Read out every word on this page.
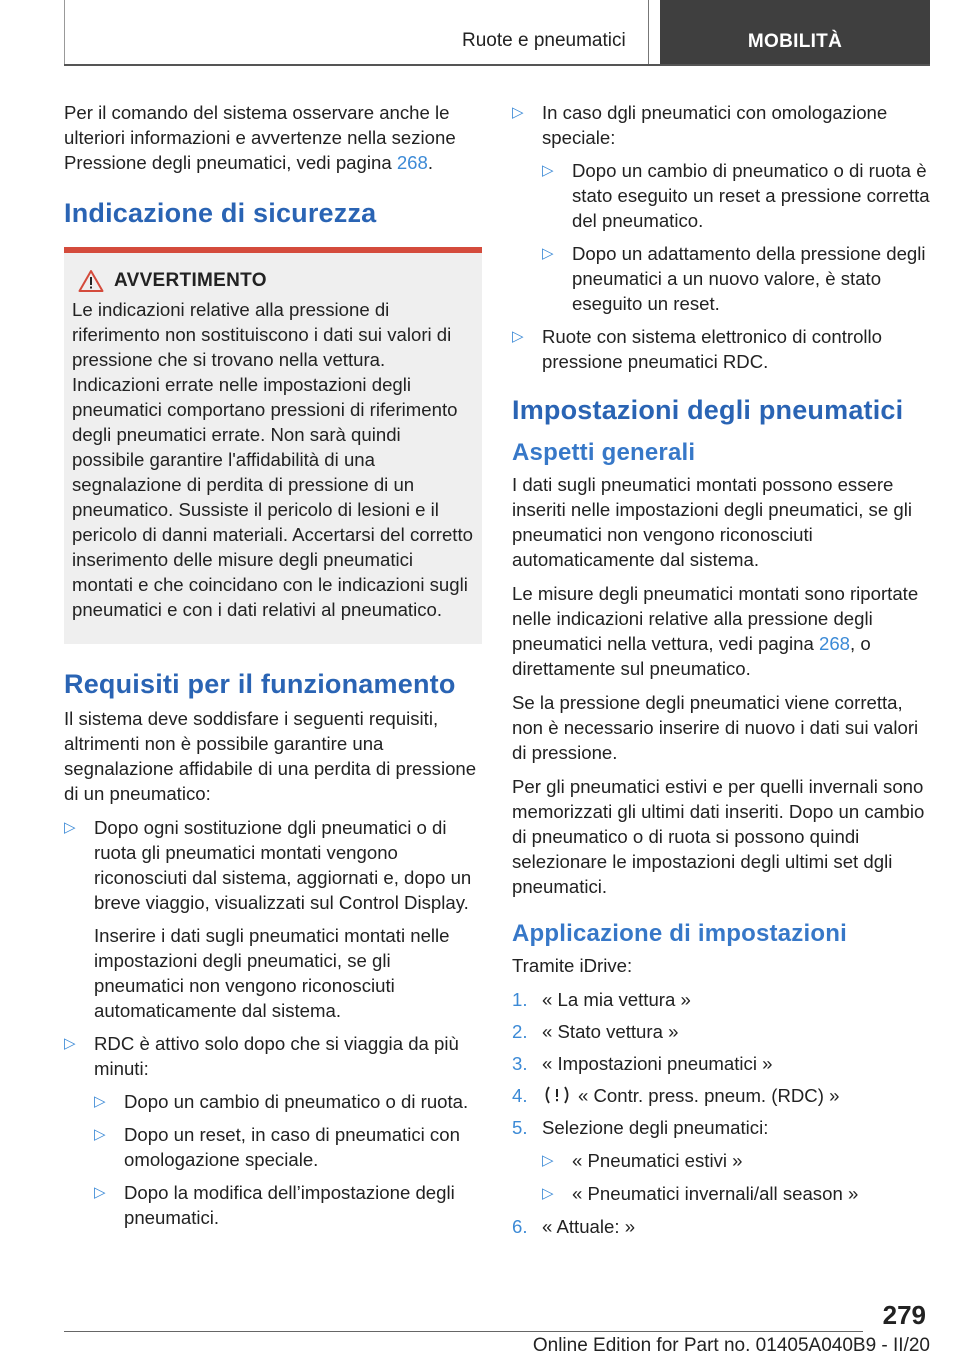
Ruote e pneumatici	MOBILITÀ

Per il comando del sistema osservare anche le ulteriori informazioni e avvertenze nella sezione Pressione degli pneumatici, vedi pagina 268.

Indicazione di sicurezza
AVVERTIMENTO
Le indicazioni relative alla pressione di riferimento non sostituiscono i dati sui valori di pressione che si trovano nella vettura. Indicazioni errate nelle impostazioni degli pneumatici comportano pressioni di riferimento degli pneumatici errate. Non sarà quindi possibile garantire l'affidabilità di una segnalazione di perdita di pressione di un pneumatico. Sussiste il pericolo di lesioni e il pericolo di danni materiali. Accertarsi del corretto inserimento delle misure degli pneumatici montati e che coincidano con le indicazioni sugli pneumatici e con i dati relativi al pneumatico.
Requisiti per il funzionamento

Il sistema deve soddisfare i seguenti requisiti, altrimenti non è possibile garantire una segnalazione affidabile di una perdita di pressione di un pneumatico:

▷ Dopo ogni sostituzione dgli pneumatici o di ruota gli pneumatici montati vengono riconosciuti dal sistema, aggiornati e, dopo un breve viaggio, visualizzati sul Control Display.
Inserire i dati sugli pneumatici montati nelle impostazioni degli pneumatici, se gli pneumatici non vengono riconosciuti automaticamente dal sistema.
▷ RDC è attivo solo dopo che si viaggia da più minuti:
▷ Dopo un cambio di pneumatico o di ruota.
▷ Dopo un reset, in caso di pneumatici con omologazione speciale.
▷ Dopo la modifica dell’impostazione degli pneumatici.
▷ In caso dgli pneumatici con omologazione speciale:
▷ Dopo un cambio di pneumatico o di ruota è stato eseguito un reset a pressione corretta del pneumatico.
▷ Dopo un adattamento della pressione degli pneumatici a un nuovo valore, è stato eseguito un reset.
▷ Ruote con sistema elettronico di controllo pressione pneumatici RDC.
Impostazioni degli pneumatici
Aspetti generali

I dati sugli pneumatici montati possono essere inseriti nelle impostazioni degli pneumatici, se gli pneumatici non vengono riconosciuti automaticamente dal sistema.

Le misure degli pneumatici montati sono riportate nelle indicazioni relative alla pressione degli pneumatici nella vettura, vedi pagina 268, o direttamente sul pneumatico.

Se la pressione degli pneumatici viene corretta, non è necessario inserire di nuovo i dati sui valori di pressione.

Per gli pneumatici estivi e per quelli invernali sono memorizzati gli ultimi dati inseriti. Dopo un cambio di pneumatico o di ruota si possono quindi selezionare le impostazioni degli ultimi set dgli pneumatici.

Applicazione di impostazioni

Tramite iDrive:

1. « La mia vettura »
2. « Stato vettura »
3. « Impostazioni pneumatici »
4.	« Contr. press. pneum. (RDC) »
5. Selezione degli pneumatici:
▷ « Pneumatici estivi »
▷ « Pneumatici invernali/all season »
6. « Attuale: »
279
Online Edition for Part no. 01405A040B9 - II/20
